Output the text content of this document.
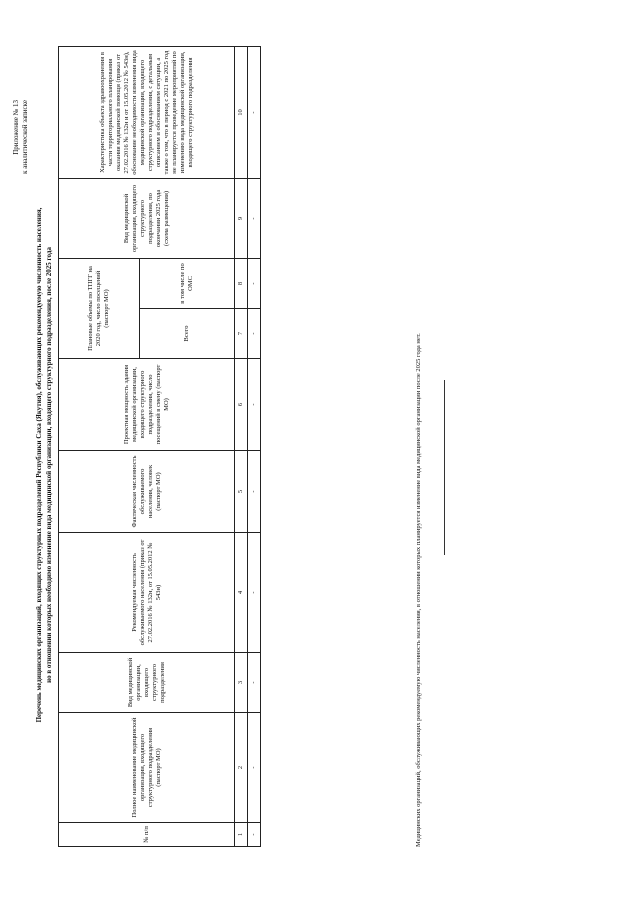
Приложение № 13 к аналитической записке
Перечень медицинских организаций, входящих структурных подразделений Республики Саха (Якутия), обслуживающих рекомендуемую численность населения, но в отношении которых необходимо изменение вида медицинской организации, входящего структурного подразделения, после 2025 года
№ п/п	Полное наименование медицинской организации, входящего структурного подразделения (паспорт МО)	Вид медицинской организации, входящего структурного подразделения	Рекомендуемая численность обслуживаемого населения (приказ от 27.02.2016 № 132н, от 15.05.2012 № 543н)	Фактическая численность обслуживаемого населения, человек (паспорт МО)	Проектная мощность здания медицинской организации, входящего структурного подразделения, число посещений в смену (паспорт МО)	Плановые объемы по ТПГГ на 2020 год, число посещений (паспорт МО)		Вид медицинской организации, входящего структурного подразделения, по окончании 2025 года (схема размещения)	Характеристика объекта здравоохранения в части территориального планирования оказания медицинской помощи (приказ от 27.02.2016 № 132н и от 15.05.2012 № 543н), обоснование необходимости изменения вида медицинской организации, входящего структурного подразделения, с детальным описанием и обоснованием ситуации, а также о том, что в период с 2021 по 2025 год не планируется проведение мероприятий по изменению вида медицинской организации, входящего структурного подразделения
						Всего	в том числе по ОМС		
1	2	3	4	5	6	7	8	9	10
-	-	-	-	-	-	-	-	-	-
Медицинских организаций, обслуживающих рекомендуемую численность населения, в отношении которых планируется изменение вида медицинской организации после 2025 года нет.
